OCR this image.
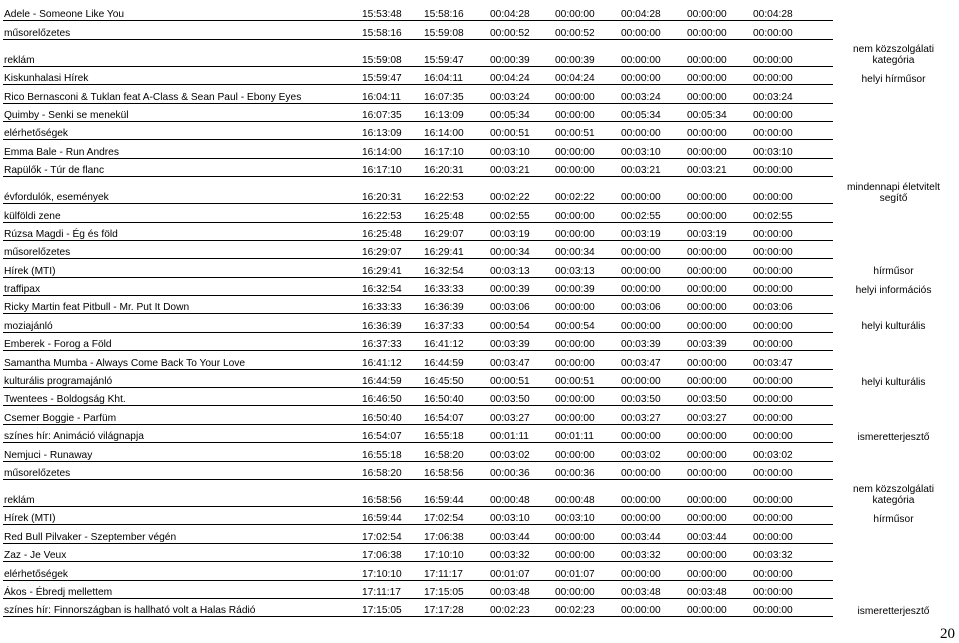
Adele - Someone Like You	15:53:48	15:58:16	00:04:28	00:00:00	00:04:28	00:00:00	00:04:28	
műsorelőzetes	15:58:16	15:59:08	00:00:52	00:00:52	00:00:00	00:00:00	00:00:00	
reklám	15:59:08	15:59:47	00:00:39	00:00:39	00:00:00	00:00:00	00:00:00	nem közszolgálati kategória
Kiskunhalasi Hírek	15:59:47	16:04:11	00:04:24	00:04:24	00:00:00	00:00:00	00:00:00	helyi hírműsor
Rico Bernasconi & Tuklan feat A-Class & Sean Paul - Ebony Eyes	16:04:11	16:07:35	00:03:24	00:00:00	00:03:24	00:00:00	00:03:24	
Quimby - Senki se menekül	16:07:35	16:13:09	00:05:34	00:00:00	00:05:34	00:05:34	00:00:00	
elérhetőségek	16:13:09	16:14:00	00:00:51	00:00:51	00:00:00	00:00:00	00:00:00	
Emma Bale - Run Andres	16:14:00	16:17:10	00:03:10	00:00:00	00:03:10	00:00:00	00:03:10	
Rapülők - Túr de flanc	16:17:10	16:20:31	00:03:21	00:00:00	00:03:21	00:03:21	00:00:00	
évfordulók, események	16:20:31	16:22:53	00:02:22	00:02:22	00:00:00	00:00:00	00:00:00	mindennapi életvitelt segítő
külföldi zene	16:22:53	16:25:48	00:02:55	00:00:00	00:02:55	00:00:00	00:02:55	
Rúzsa Magdi - Ég és föld	16:25:48	16:29:07	00:03:19	00:00:00	00:03:19	00:03:19	00:00:00	
műsorelőzetes	16:29:07	16:29:41	00:00:34	00:00:34	00:00:00	00:00:00	00:00:00	
Hírek (MTI)	16:29:41	16:32:54	00:03:13	00:03:13	00:00:00	00:00:00	00:00:00	hírműsor
traffipax	16:32:54	16:33:33	00:00:39	00:00:39	00:00:00	00:00:00	00:00:00	helyi információs
Ricky Martin feat Pitbull - Mr. Put It Down	16:33:33	16:36:39	00:03:06	00:00:00	00:03:06	00:00:00	00:03:06	
moziajánló	16:36:39	16:37:33	00:00:54	00:00:54	00:00:00	00:00:00	00:00:00	helyi kulturális
Emberek - Forog a Föld	16:37:33	16:41:12	00:03:39	00:00:00	00:03:39	00:03:39	00:00:00	
Samantha Mumba - Always Come Back To Your Love	16:41:12	16:44:59	00:03:47	00:00:00	00:03:47	00:00:00	00:03:47	
kulturális programajánló	16:44:59	16:45:50	00:00:51	00:00:51	00:00:00	00:00:00	00:00:00	helyi kulturális
Twentees - Boldogság Kht.	16:46:50	16:50:40	00:03:50	00:00:00	00:03:50	00:03:50	00:00:00	
Csemer Boggie - Parfüm	16:50:40	16:54:07	00:03:27	00:00:00	00:03:27	00:03:27	00:00:00	
színes hír: Animáció világnapja	16:54:07	16:55:18	00:01:11	00:01:11	00:00:00	00:00:00	00:00:00	ismeretterjesztő
Nemjuci - Runaway	16:55:18	16:58:20	00:03:02	00:00:00	00:03:02	00:00:00	00:03:02	
műsorelőzetes	16:58:20	16:58:56	00:00:36	00:00:36	00:00:00	00:00:00	00:00:00	
reklám	16:58:56	16:59:44	00:00:48	00:00:48	00:00:00	00:00:00	00:00:00	nem közszolgálati kategória
Hírek (MTI)	16:59:44	17:02:54	00:03:10	00:03:10	00:00:00	00:00:00	00:00:00	hírműsor
Red Bull Pilvaker - Szeptember végén	17:02:54	17:06:38	00:03:44	00:00:00	00:03:44	00:03:44	00:00:00	
Zaz - Je Veux	17:06:38	17:10:10	00:03:32	00:00:00	00:03:32	00:00:00	00:03:32	
elérhetőségek	17:10:10	17:11:17	00:01:07	00:01:07	00:00:00	00:00:00	00:00:00	
Ákos - Ébredj mellettem	17:11:17	17:15:05	00:03:48	00:00:00	00:03:48	00:03:48	00:00:00	
színes hír: Finnországban is hallható volt a Halas Rádió	17:15:05	17:17:28	00:02:23	00:02:23	00:00:00	00:00:00	00:00:00	ismeretterjesztő
20
